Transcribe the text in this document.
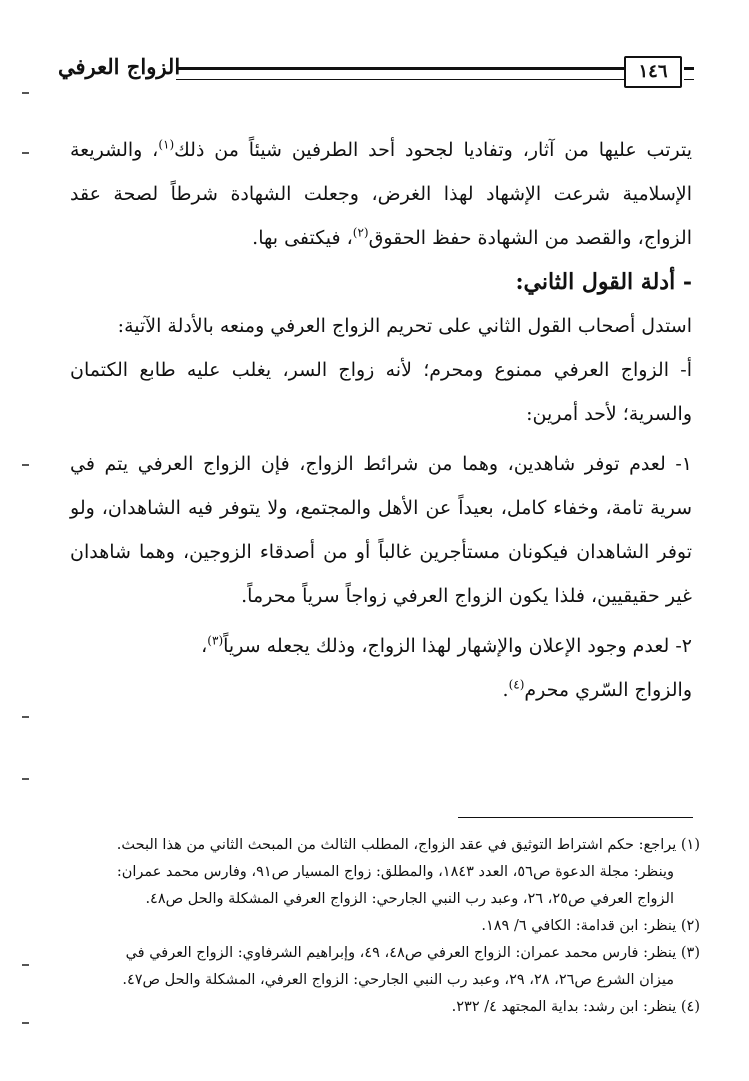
الزواج العرفي	١٤٦

يترتب عليها من آثار، وتفاديا لجحود أحد الطرفين شيئاً من ذلك$^{(١)}$، والشريعة الإسلامية شرعت الإشهاد لهذا الغرض، وجعلت الشهادة شرطاً لصحة عقد الزواج، والقصد من الشهادة حفظ الحقوق$^{(٢)}$، فيكتفى بها.

- أدلة القول الثاني:

استدل أصحاب القول الثاني على تحريم الزواج العرفي ومنعه بالأدلة الآتية:

أ- الزواج العرفي ممنوع ومحرم؛ لأنه زواج السر، يغلب عليه طابع الكتمان والسرية؛ لأحد أمرين:

١- لعدم توفر شاهدين، وهما من شرائط الزواج، فإن الزواج العرفي يتم في سرية تامة، وخفاء كامل، بعيداً عن الأهل والمجتمع، ولا يتوفر فيه الشاهدان، ولو توفر الشاهدان فيكونان مستأجرين غالباً أو من أصدقاء الزوجين، وهما شاهدان غير حقيقيين، فلذا يكون الزواج العرفي زواجاً سرياً محرماً.

٢- لعدم وجود الإعلان والإشهار لهذا الزواج، وذلك يجعله سرياً$^{(٣)}$،

والزواج السّري محرم$^{(٤)}$.

(١) يراجع: حكم اشتراط التوثيق في عقد الزواج، المطلب الثالث من المبحث الثاني من هذا البحث.

وينظر: مجلة الدعوة ص٥٦، العدد ١٨٤٣، والمطلق: زواج المسيار ص٩١، وفارس محمد عمران:

الزواج العرفي ص٢٥، ٢٦، وعبد رب النبي الجارحي: الزواج العرفي المشكلة والحل ص٤٨.

(٢) ينظر: ابن قدامة: الكافي ٦/ ١٨٩.

(٣) ينظر: فارس محمد عمران: الزواج العرفي ص٤٨، ٤٩، وإبراهيم الشرفاوي: الزواج العرفي في

ميزان الشرع ص٢٦، ٢٨، ٢٩، وعبد رب النبي الجارحي: الزواج العرفي، المشكلة والحل ص٤٧.

(٤) ينظر: ابن رشد: بداية المجتهد ٤/ ٢٣٢.
